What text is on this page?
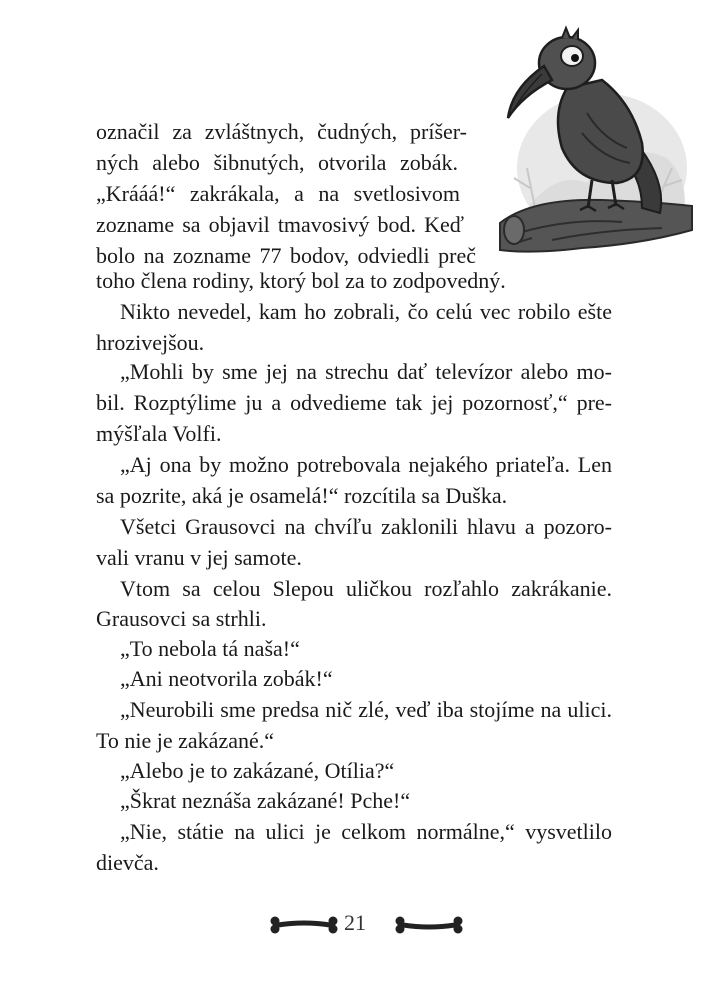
označil za zvláštnych, čudných, príšer-
ných alebo šibnutých, otvorila zobák.
„Krááá!“ zakrákala, a na svetlosivom
zozname sa objavil tmavosivý bod. Keď
bolo na zozname 77 bodov, odviedli preč
toho člena rodiny, ktorý bol za to zodpovedný.
Nikto nevedel, kam ho zobrali, čo celú vec robilo ešte
hrozivejšou.
„Mohli by sme jej na strechu dať televízor alebo mo-
bil. Rozptýlime ju a odvedieme tak jej pozornosť,“ pre-
mýšľala Volfi.
„Aj ona by možno potrebovala nejakého priateľa. Len
sa pozrite, aká je osamelá!“ rozcítila sa Duška.
Všetci Grausovci na chvíľu zaklonili hlavu a pozoro-
vali vranu v jej samote.
Vtom sa celou Slepou uličkou rozľahlo zakrákanie.
Grausovci sa strhli.
„To nebola tá naša!“
„Ani neotvorila zobák!“
„Neurobili sme predsa nič zlé, veď iba stojíme na ulici.
To nie je zakázané.“
„Alebo je to zakázané, Otília?“
„Škrat neznáša zakázané! Pche!“
„Nie, státie na ulici je celkom normálne,“ vysvetlilo
dievča.
21
